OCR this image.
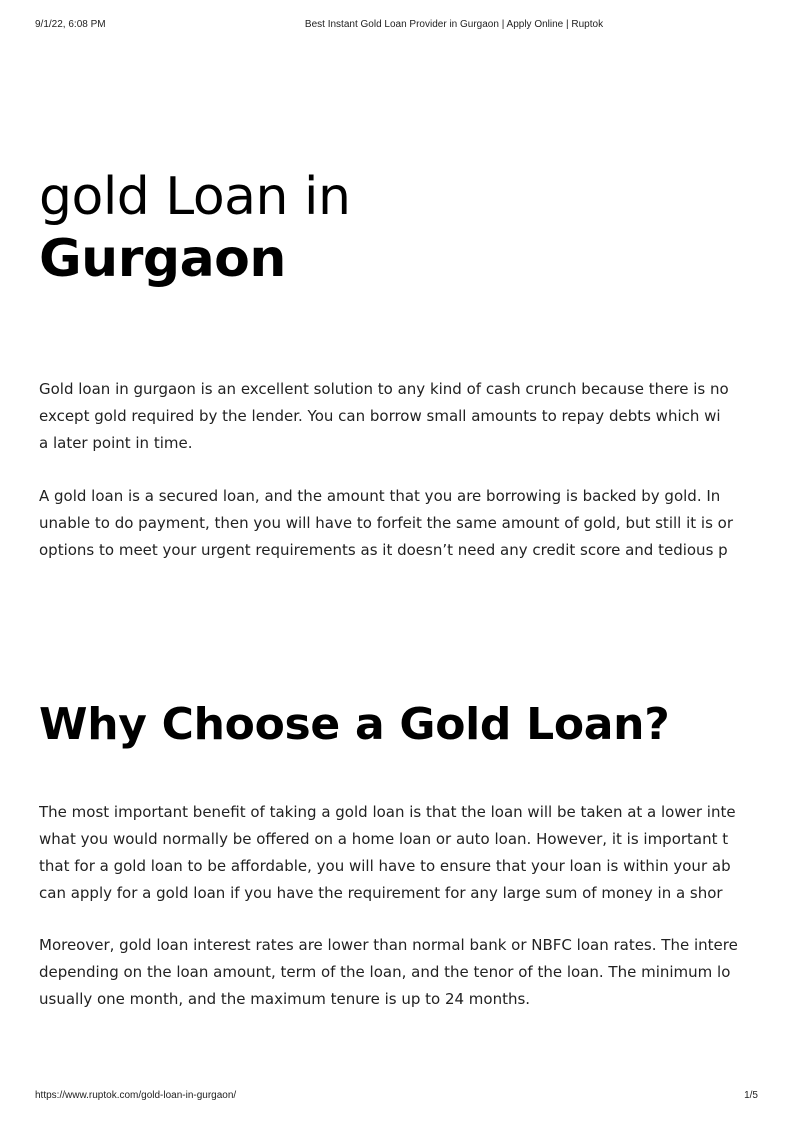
9/1/22, 6:08 PM	Best Instant Gold Loan Provider in Gurgaon | Apply Online | Ruptok
gold Loan in
Gurgaon

Gold loan in gurgaon is an excellent solution to any kind of cash crunch because there is no
except gold required by the lender. You can borrow small amounts to repay debts which wi
a later point in time.

A gold loan is a secured loan, and the amount that you are borrowing is backed by gold. In
unable to do payment, then you will have to forfeit the same amount of gold, but still it is or
options to meet your urgent requirements as it doesn’t need any credit score and tedious p

Why Choose a Gold Loan?

The most important benefit of taking a gold loan is that the loan will be taken at a lower inte
what you would normally be offered on a home loan or auto loan. However, it is important t
that for a gold loan to be affordable, you will have to ensure that your loan is within your ab
can apply for a gold loan if you have the requirement for any large sum of money in a shor

Moreover, gold loan interest rates are lower than normal bank or NBFC loan rates. The intere
depending on the loan amount, term of the loan, and the tenor of the loan. The minimum lo
usually one month, and the maximum tenure is up to 24 months.

https://www.ruptok.com/gold-loan-in-gurgaon/	1/5
